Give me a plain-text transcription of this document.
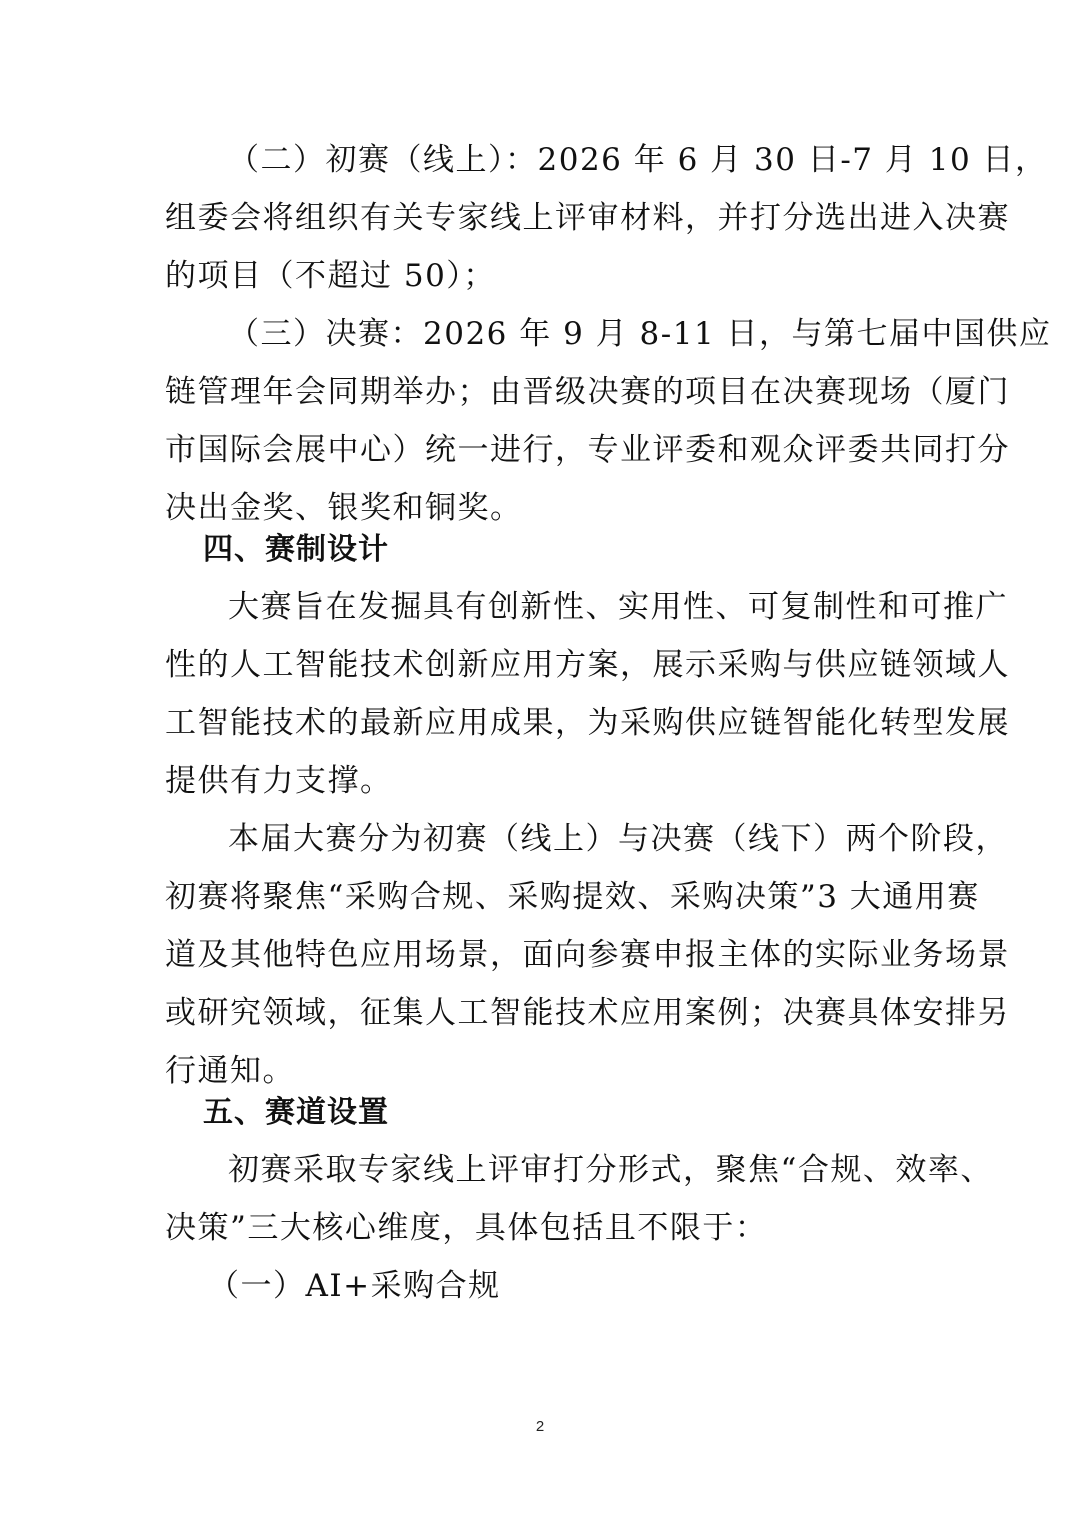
（二）初赛（线上）：2026 年 6 月 30 日-7 月 10 日，
组委会将组织有关专家线上评审材料，并打分选出进入决赛
的项目（不超过 50）；
（三）决赛：2026 年 9 月 8-11 日，与第七届中国供应
链管理年会同期举办；由晋级决赛的项目在决赛现场（厦门
市国际会展中心）统一进行，专业评委和观众评委共同打分
决出金奖、银奖和铜奖。
四、赛制设计
大赛旨在发掘具有创新性、实用性、可复制性和可推广
性的人工智能技术创新应用方案，展示采购与供应链领域人
工智能技术的最新应用成果，为采购供应链智能化转型发展
提供有力支撑。
本届大赛分为初赛（线上）与决赛（线下）两个阶段，
初赛将聚焦“采购合规、采购提效、采购决策”3 大通用赛
道及其他特色应用场景，面向参赛申报主体的实际业务场景
或研究领域，征集人工智能技术应用案例；决赛具体安排另
行通知。
五、赛道设置
初赛采取专家线上评审打分形式，聚焦“合规、效率、
决策”三大核心维度，具体包括且不限于：
（一）AI+采购合规
2
